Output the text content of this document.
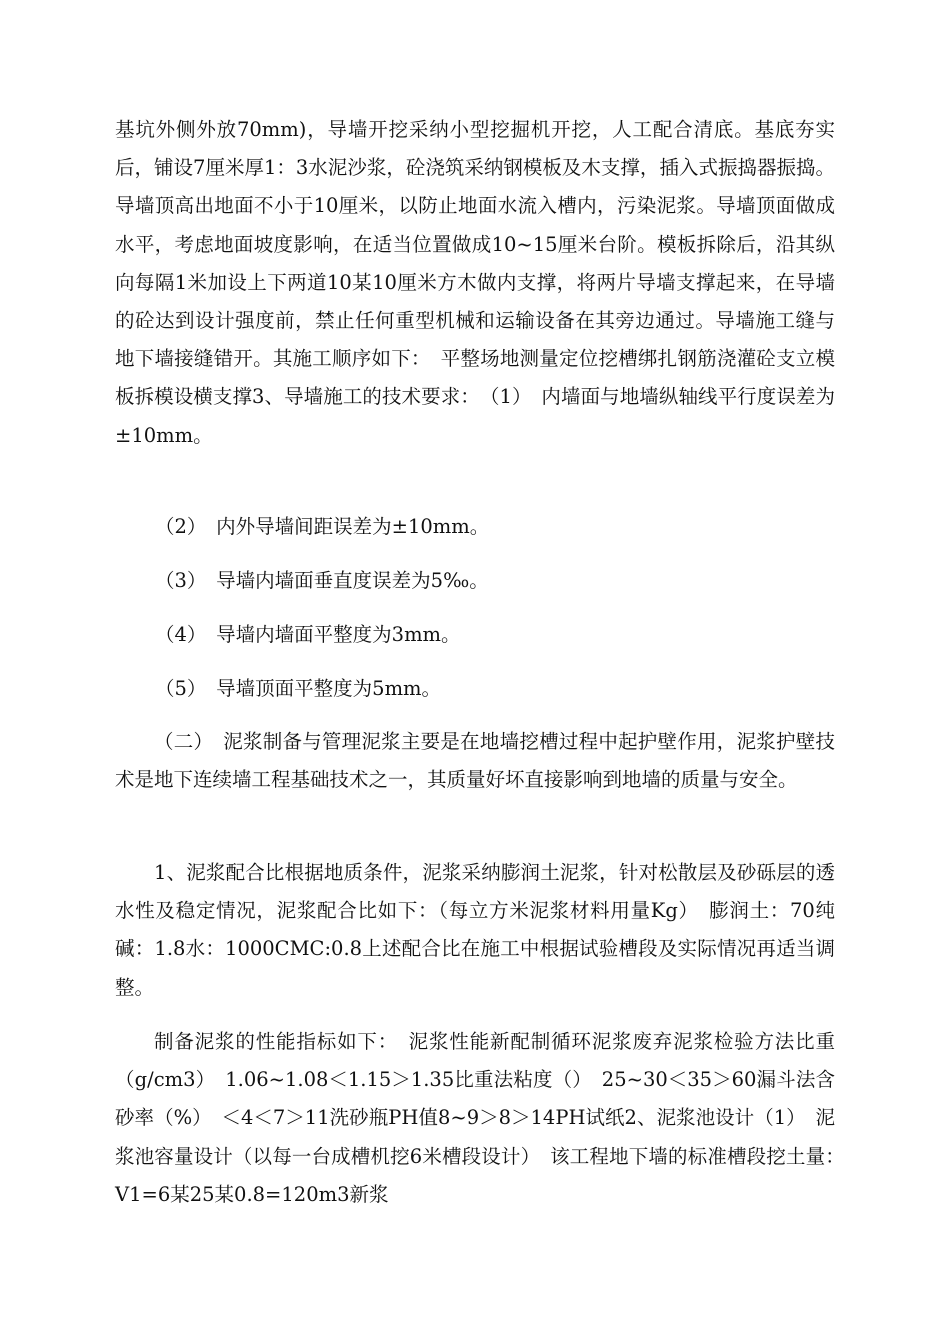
基坑外侧外放70mm)，导墙开挖采纳小型挖掘机开挖，人工配合清底。基底夯实后，铺设7厘米厚1：3水泥沙浆，砼浇筑采纳钢模板及木支撑，插入式振捣器振捣。导墙顶高出地面不小于10厘米，以防止地面水流入槽内，污染泥浆。导墙顶面做成水平，考虑地面坡度影响，在适当位置做成10~15厘米台阶。模板拆除后，沿其纵向每隔1米加设上下两道10某10厘米方木做内支撑，将两片导墙支撑起来，在导墙的砼达到设计强度前，禁止任何重型机械和运输设备在其旁边通过。导墙施工缝与地下墙接缝错开。其施工顺序如下：　平整场地测量定位挖槽绑扎钢筋浇灌砼支立模板拆模设横支撑3、导墙施工的技术要求：　（1）　内墙面与地墙纵轴线平行度误差为±10mm。

（2）　内外导墙间距误差为±10mm。
（3）　导墙内墙面垂直度误差为5‰。
（4）　导墙内墙面平整度为3mm。
（5）　导墙顶面平整度为5mm。

（二）　泥浆制备与管理泥浆主要是在地墙挖槽过程中起护壁作用，泥浆护壁技术是地下连续墙工程基础技术之一，其质量好坏直接影响到地墙的质量与安全。

1、泥浆配合比根据地质条件，泥浆采纳膨润土泥浆，针对松散层及砂砾层的透水性及稳定情况，泥浆配合比如下：（每立方米泥浆材料用量Kg）　膨润土：70纯碱：1.8水：1000CMC:0.8上述配合比在施工中根据试验槽段及实际情况再适当调整。

制备泥浆的性能指标如下：　泥浆性能新配制循环泥浆废弃泥浆检验方法比重（g/cm3）　1.06~1.08＜1.15＞1.35比重法粘度（）　25~30＜35＞60漏斗法含砂率（%）　＜4＜7＞11洗砂瓶PH值8~9＞8＞14PH试纸2、泥浆池设计（1）　泥浆池容量设计（以每一台成槽机挖6米槽段设计）　该工程地下墙的标准槽段挖土量：　V1=6某25某0.8=120m3新浆
